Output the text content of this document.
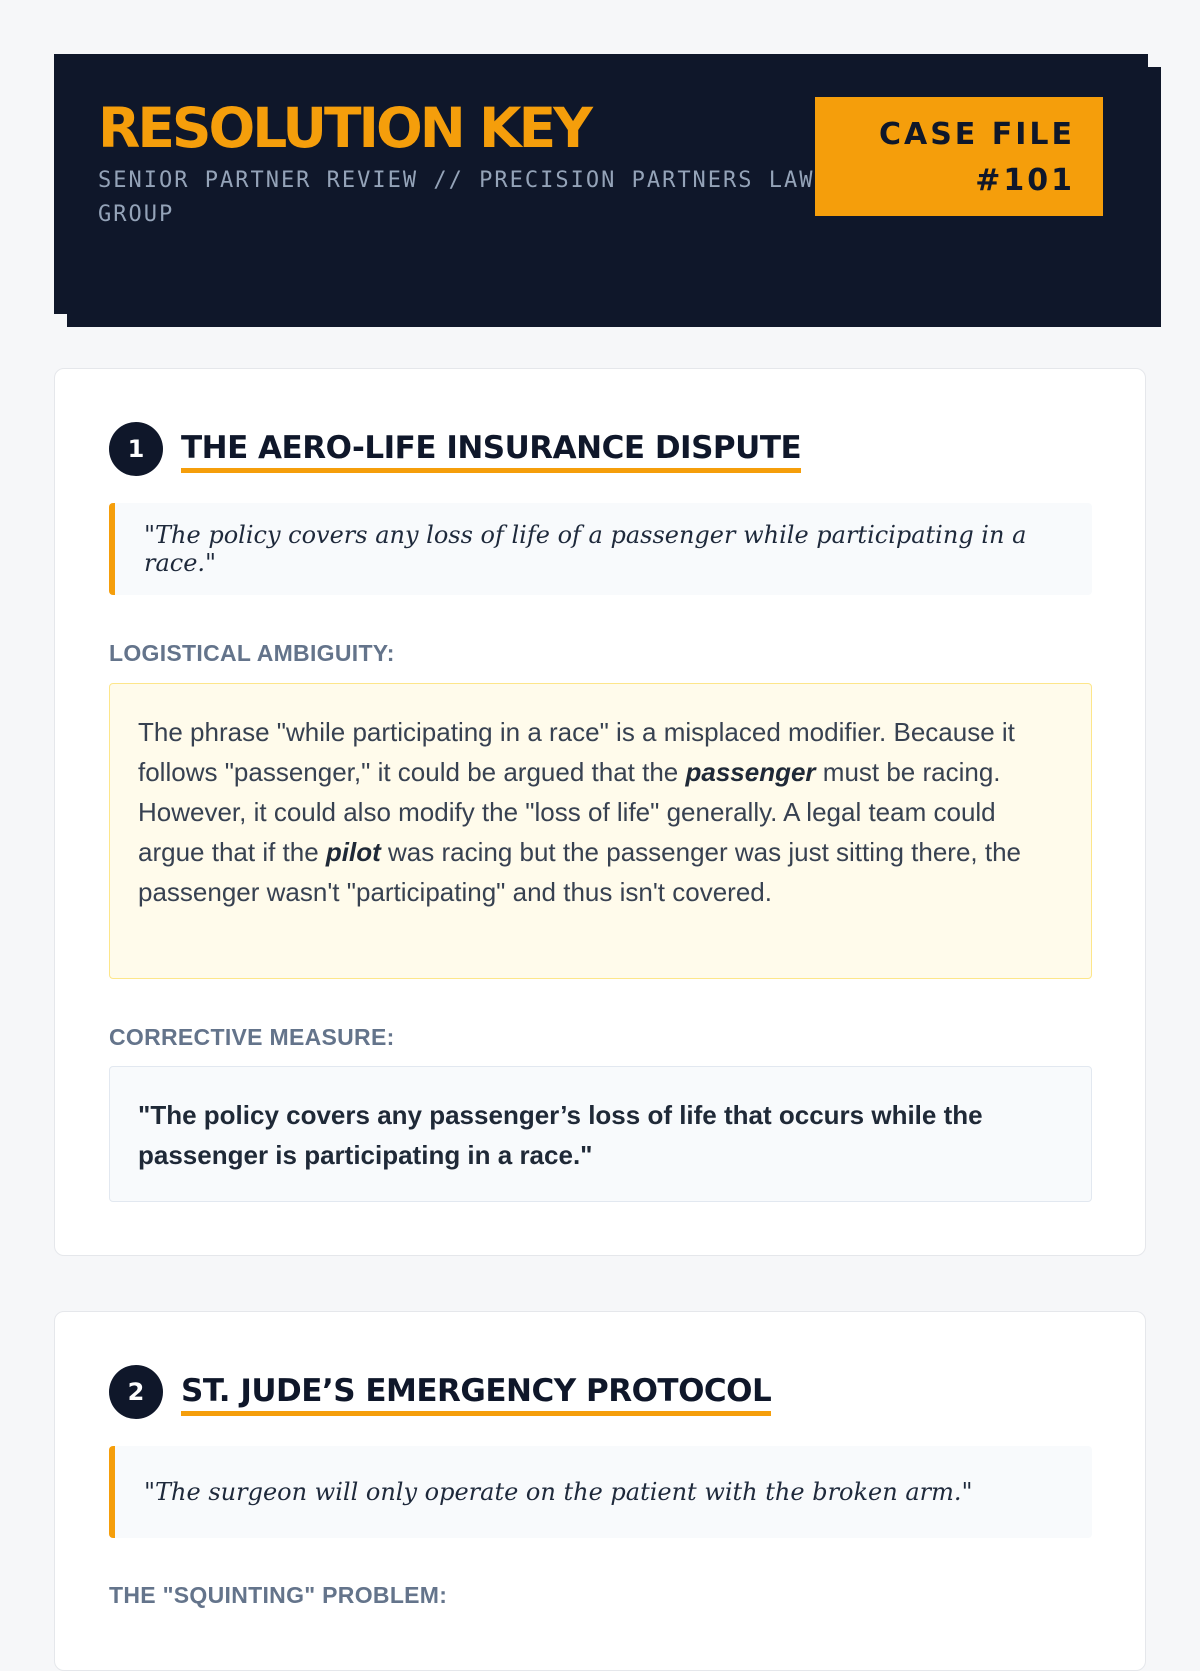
RESOLUTION KEY
SENIOR PARTNER REVIEW // PRECISION PARTNERS LAW GROUP
CASE FILE
#101
1	THE AERO-LIFE INSURANCE DISPUTE
"The policy covers any loss of life of a passenger while participating in a race."
LOGISTICAL AMBIGUITY:
The phrase "while participating in a race" is a misplaced modifier. Because it follows "passenger," it could be argued that the passenger must be racing. However, it could also modify the "loss of life" generally. A legal team could argue that if the pilot was racing but the passenger was just sitting there, the passenger wasn't "participating" and thus isn't covered.
CORRECTIVE MEASURE:
"The policy covers any passenger’s loss of life that occurs while the passenger is participating in a race."
2	ST. JUDE’S EMERGENCY PROTOCOL
"The surgeon will only operate on the patient with the broken arm."
THE "SQUINTING" PROBLEM:
